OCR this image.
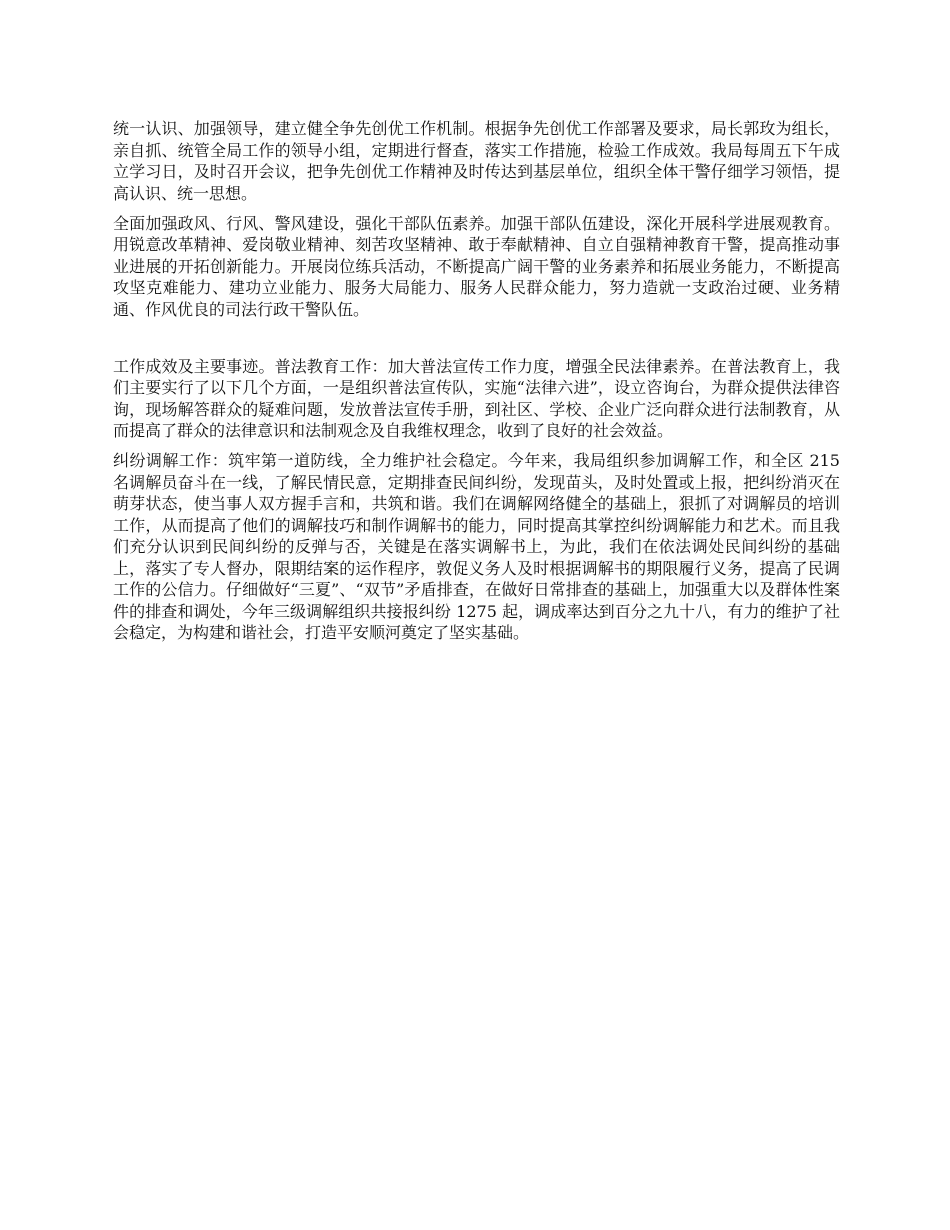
统一认识、加强领导，建立健全争先创优工作机制。根据争先创优工作部署及要求，局长郭玫为组长，亲自抓、统管全局工作的领导小组，定期进行督查，落实工作措施，检验工作成效。我局每周五下午成立学习日，及时召开会议，把争先创优工作精神及时传达到基层单位，组织全体干警仔细学习领悟，提高认识、统一思想。

全面加强政风、行风、警风建设，强化干部队伍素养。加强干部队伍建设，深化开展科学进展观教育。用锐意改革精神、爱岗敬业精神、刻苦攻坚精神、敢于奉献精神、自立自强精神教育干警，提高推动事业进展的开拓创新能力。开展岗位练兵活动，不断提高广阔干警的业务素养和拓展业务能力，不断提高攻坚克难能力、建功立业能力、服务大局能力、服务人民群众能力，努力造就一支政治过硬、业务精通、作风优良的司法行政干警队伍。

工作成效及主要事迹。普法教育工作：加大普法宣传工作力度，增强全民法律素养。在普法教育上，我们主要实行了以下几个方面，一是组织普法宣传队，实施“法律六进”，设立咨询台，为群众提供法律咨询，现场解答群众的疑难问题，发放普法宣传手册，到社区、学校、企业广泛向群众进行法制教育，从而提高了群众的法律意识和法制观念及自我维权理念，收到了良好的社会效益。

纠纷调解工作：筑牢第一道防线，全力维护社会稳定。今年来，我局组织参加调解工作，和全区 215 名调解员奋斗在一线，了解民情民意，定期排查民间纠纷，发现苗头，及时处置或上报，把纠纷消灭在萌芽状态，使当事人双方握手言和，共筑和谐。我们在调解网络健全的基础上，狠抓了对调解员的培训工作，从而提高了他们的调解技巧和制作调解书的能力，同时提高其掌控纠纷调解能力和艺术。而且我们充分认识到民间纠纷的反弹与否，关键是在落实调解书上，为此，我们在依法调处民间纠纷的基础上，落实了专人督办，限期结案的运作程序，敦促义务人及时根据调解书的期限履行义务，提高了民调工作的公信力。仔细做好“三夏”、“双节”矛盾排查，在做好日常排查的基础上，加强重大以及群体性案件的排查和调处，今年三级调解组织共接报纠纷 1275 起，调成率达到百分之九十八，有力的维护了社会稳定，为构建和谐社会，打造平安顺河奠定了坚实基础。
